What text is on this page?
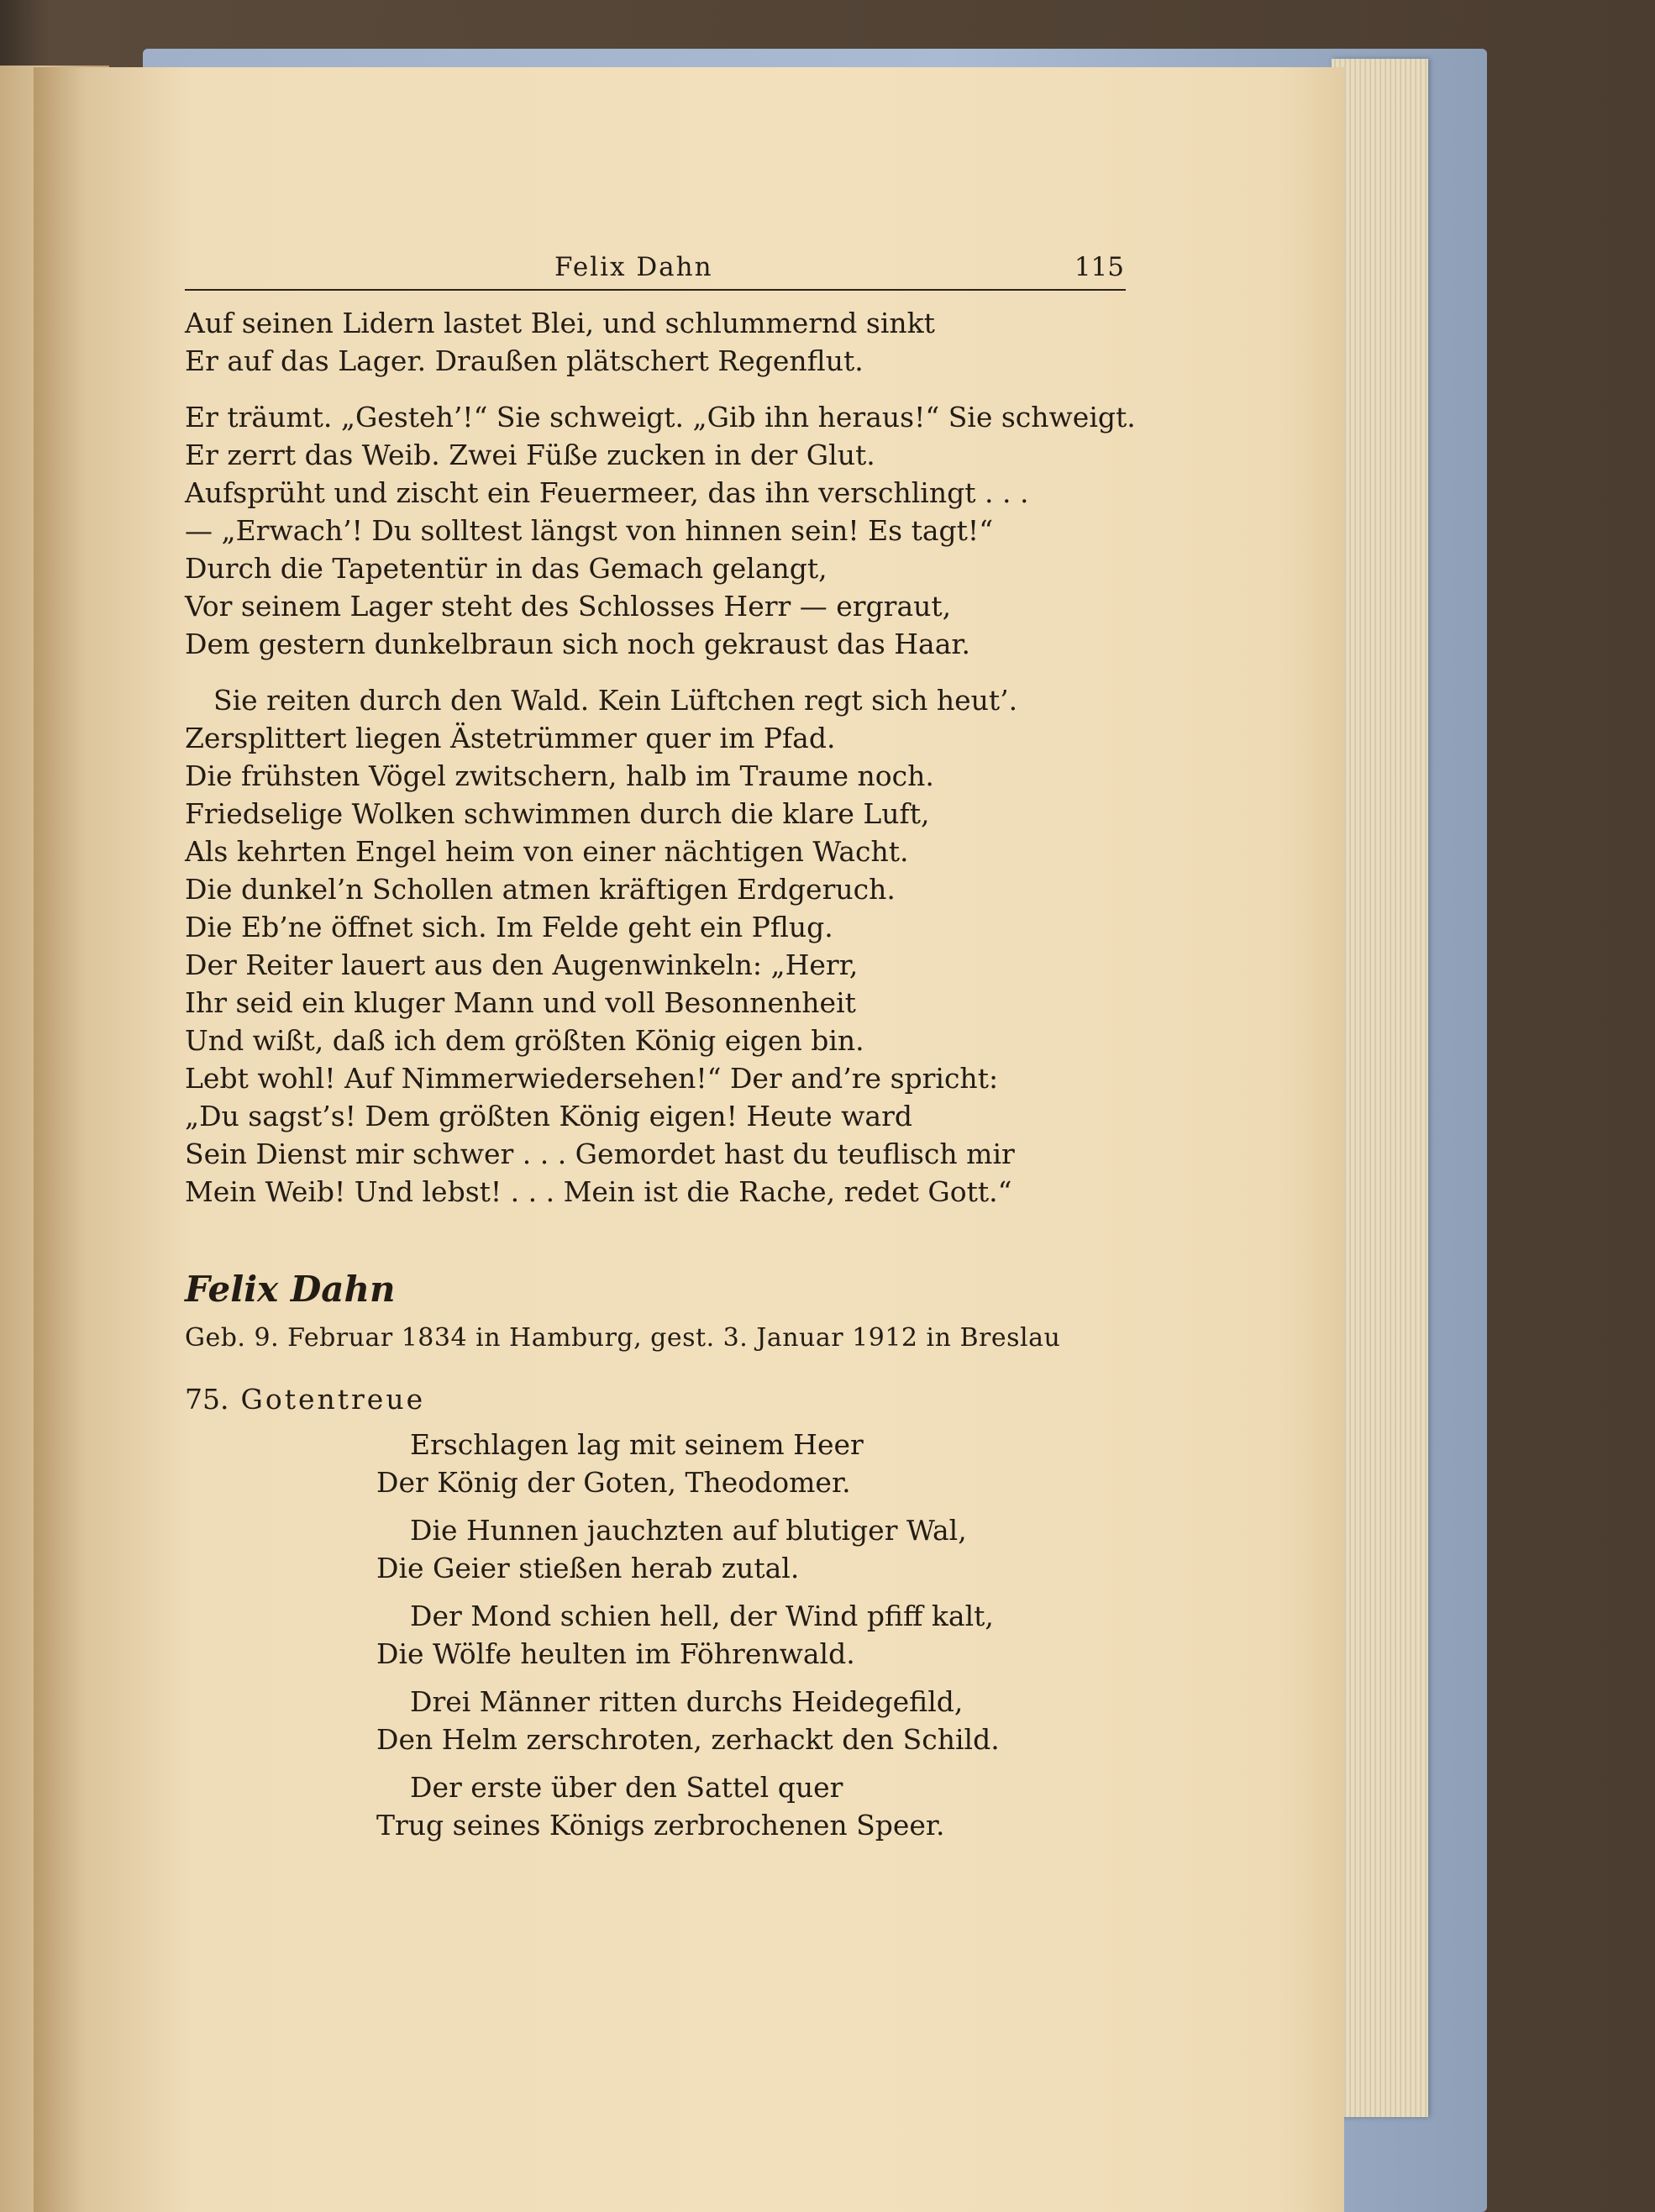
Felix Dahn	115
Auf seinen Lidern lastet Blei, und schlummernd sinkt
Er auf das Lager. Draußen plätschert Regenflut.
Er träumt. „Gesteh’!“ Sie schweigt. „Gib ihn heraus!“ Sie schweigt.
Er zerrt das Weib. Zwei Füße zucken in der Glut.
Aufsprüht und zischt ein Feuermeer, das ihn verschlingt . . .
— „Erwach’! Du solltest längst von hinnen sein! Es tagt!“
Durch die Tapetentür in das Gemach gelangt,
Vor seinem Lager steht des Schlosses Herr — ergraut,
Dem gestern dunkelbraun sich noch gekraust das Haar.
Sie reiten durch den Wald. Kein Lüftchen regt sich heut’.
Zersplittert liegen Ästetrümmer quer im Pfad.
Die frühsten Vögel zwitschern, halb im Traume noch.
Friedselige Wolken schwimmen durch die klare Luft,
Als kehrten Engel heim von einer nächtigen Wacht.
Die dunkel’n Schollen atmen kräftigen Erdgeruch.
Die Eb’ne öffnet sich. Im Felde geht ein Pflug.
Der Reiter lauert aus den Augenwinkeln: „Herr,
Ihr seid ein kluger Mann und voll Besonnenheit
Und wißt, daß ich dem größten König eigen bin.
Lebt wohl! Auf Nimmerwiedersehen!“ Der and’re spricht:
„Du sagst’s! Dem größten König eigen! Heute ward
Sein Dienst mir schwer . . . Gemordet hast du teuflisch mir
Mein Weib! Und lebst! . . . Mein ist die Rache, redet Gott.“
Felix Dahn
Geb. 9. Februar 1834 in Hamburg, gest. 3. Januar 1912 in Breslau
75. Gotentreue
Erschlagen lag mit seinem Heer
Der König der Goten, Theodomer.
Die Hunnen jauchzten auf blutiger Wal,
Die Geier stießen herab zutal.
Der Mond schien hell, der Wind pfiff kalt,
Die Wölfe heulten im Föhrenwald.
Drei Männer ritten durchs Heidegefild,
Den Helm zerschroten, zerhackt den Schild.
Der erste über den Sattel quer
Trug seines Königs zerbrochenen Speer.
